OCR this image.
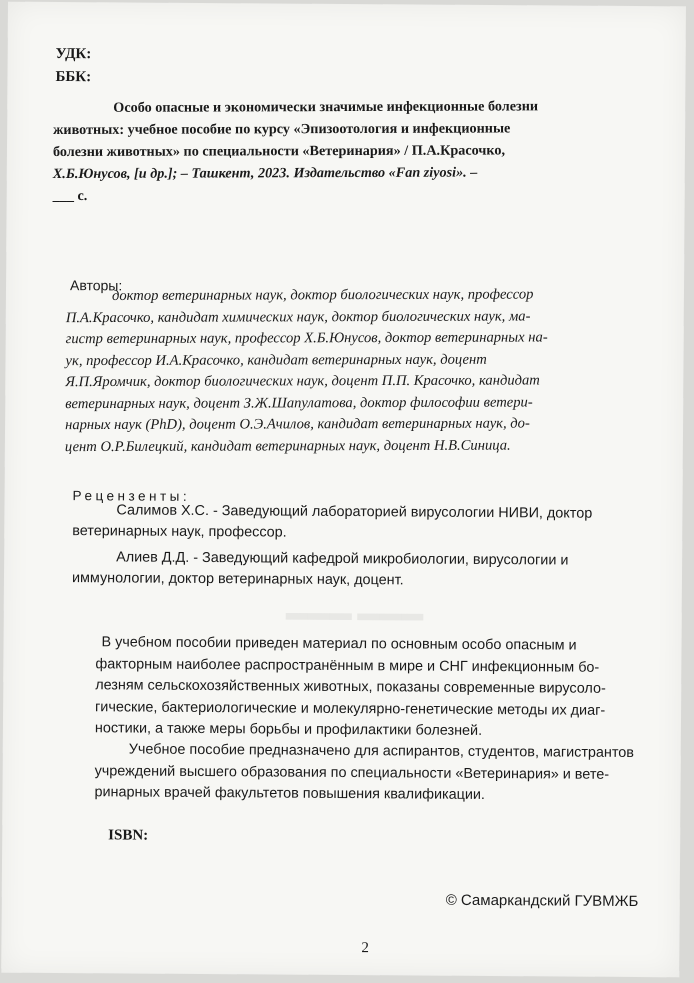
УДК:
ББК:
Особо опасные и экономически значимые инфекционные болезни
животных: учебное пособие по курсу «Эпизоотология и инфекционные
болезни животных» по специальности «Ветеринария» / П.А.Красочко,
Х.Б.Юнусов, [и др.]; – Ташкент, 2023. Издательство «Fan ziyosi». –
___ с.
Авторы:
доктор ветеринарных наук, доктор биологических наук, профессор
П.А.Красочко, кандидат химических наук, доктор биологических наук, ма-
гистр ветеринарных наук, профессор Х.Б.Юнусов, доктор ветеринарных на-
ук, профессор И.А.Красочко, кандидат ветеринарных наук, доцент
Я.П.Яромчик, доктор биологических наук, доцент П.П. Красочко, кандидат
ветеринарных наук, доцент З.Ж.Шапулатова, доктор философии ветери-
нарных наук (PhD), доцент О.Э.Ачилов, кандидат ветеринарных наук, до-
цент О.Р.Билецкий, кандидат ветеринарных наук, доцент Н.В.Синица.
Рецензенты:
Салимов Х.С. - Заведующий лабораторией вирусологии НИВИ, доктор
ветеринарных наук, профессор.
Алиев Д.Д. - Заведующий кафедрой микробиологии, вирусологии и
иммунологии, доктор ветеринарных наук, доцент.
▬▬▬ ▬▬▬
В учебном пособии приведен материал по основным особо опасным и
факторным наиболее распространённым в мире и СНГ инфекционным бо-
лезням сельскохозяйственных животных, показаны современные вирусоло-
гические, бактериологические и молекулярно-генетические методы их диаг-
ностики, а также меры борьбы и профилактики болезней.
Учебное пособие предназначено для аспирантов, студентов, магистрантов
учреждений высшего образования по специальности «Ветеринария» и вете-
ринарных врачей факультетов повышения квалификации.
ISBN:
© Самаркандский ГУВМЖБ
2
